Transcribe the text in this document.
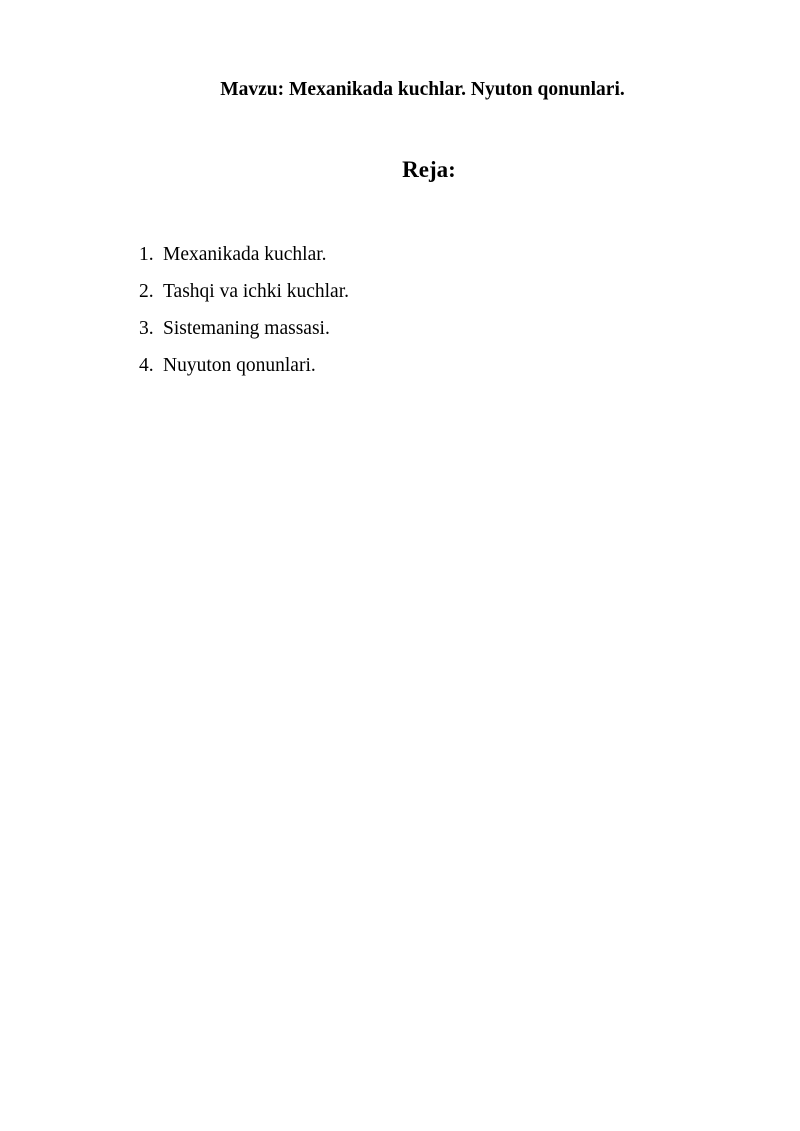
Mavzu: Mexanikada kuchlar. Nyuton qonunlari.
Reja:
1. Mexanikada kuchlar.
2. Tashqi va ichki kuchlar.
3. Sistemaning massasi.
4. Nuyuton qonunlari.
